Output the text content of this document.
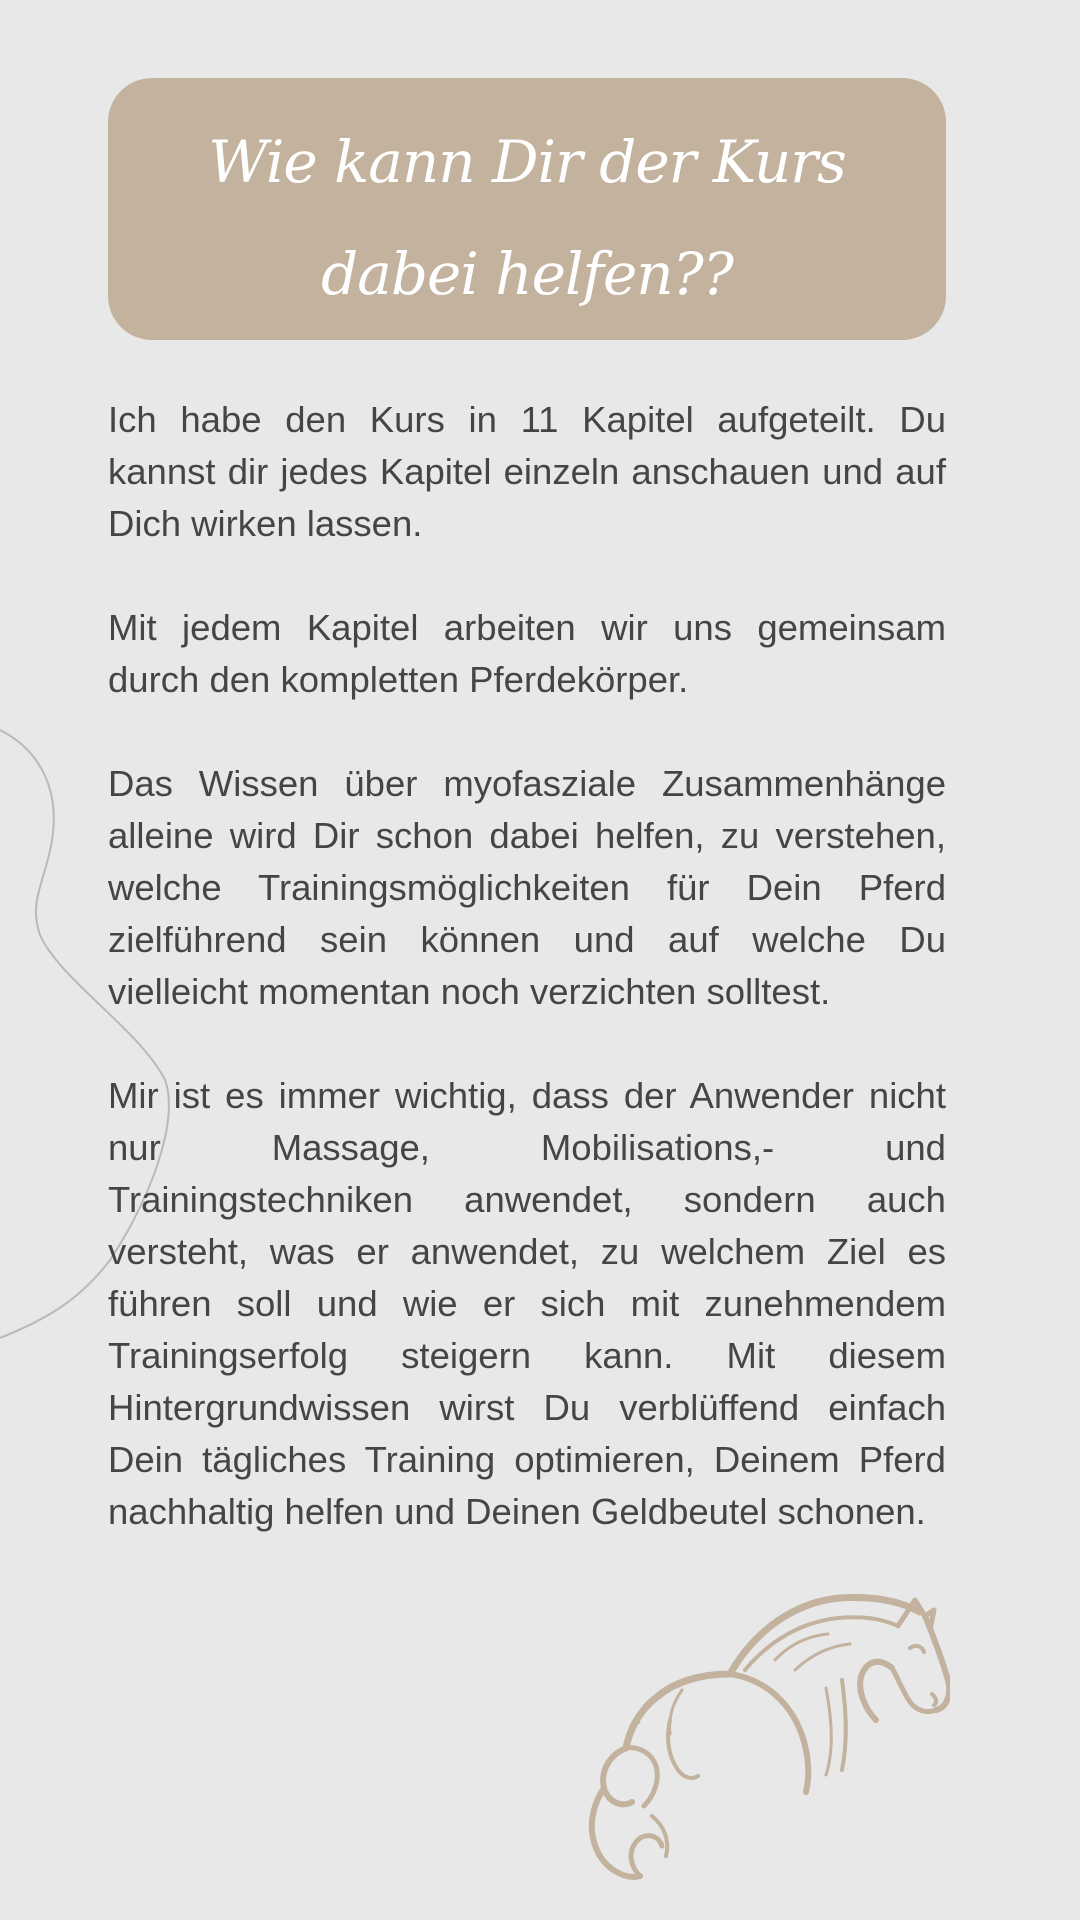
Wie kann Dir der Kurs
dabei helfen??

Ich habe den Kurs in 11 Kapitel aufgeteilt. Du kannst dir jedes Kapitel einzeln anschauen und auf Dich wirken lassen.

Mit jedem Kapitel arbeiten wir uns gemeinsam durch den kompletten Pferdekörper.

Das Wissen über myofasziale Zusammenhänge alleine wird Dir schon dabei helfen, zu verstehen, welche Trainingsmöglichkeiten für Dein Pferd zielführend sein können und auf welche Du vielleicht momentan noch verzichten solltest.

Mir ist es immer wichtig, dass der Anwender nicht nur Massage, Mobilisations,- und Trainingstechniken anwendet, sondern auch versteht, was er anwendet, zu welchem Ziel es führen soll und wie er sich mit zunehmendem Trainingserfolg steigern kann. Mit diesem Hintergrundwissen wirst Du verblüffend einfach Dein tägliches Training optimieren, Deinem Pferd nachhaltig helfen und Deinen Geldbeutel schonen.
